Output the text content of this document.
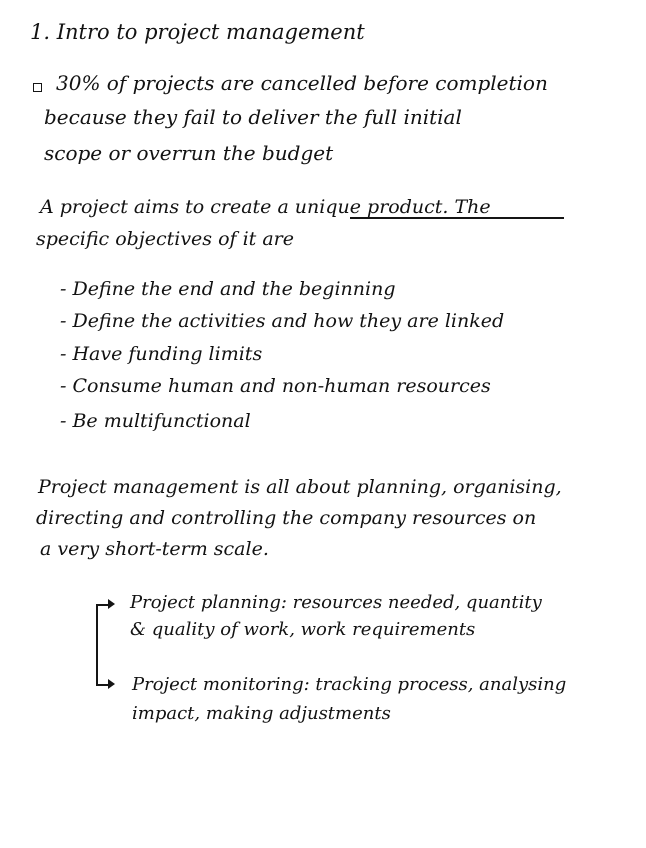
1. Intro to project management
30% of projects are cancelled before completion
because they fail to deliver the full initial
scope or overrun the budget
A project aims to create a unique product. The
specific objectives of it are
- Define the end and the beginning
- Define the activities and how they are linked
- Have funding limits
- Consume human and non-human resources
- Be multifunctional
Project management is all about planning, organising,
directing and controlling the company resources on
a very short-term scale.
Project planning: resources needed, quantity
& quality of work, work requirements
Project monitoring: tracking process, analysing
impact, making adjustments
